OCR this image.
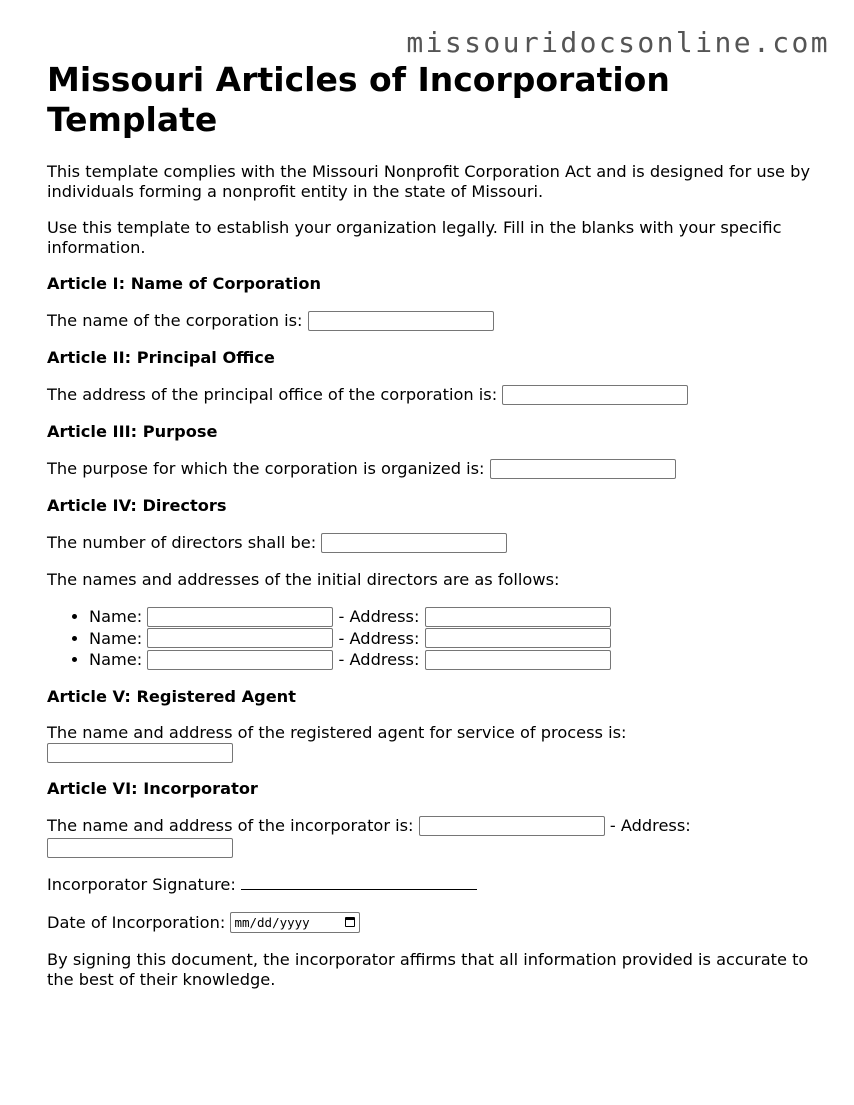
missouridocsonline.com
Missouri Articles of Incorporation Template

This template complies with the Missouri Nonprofit Corporation Act and is designed for use by individuals forming a nonprofit entity in the state of Missouri.

Use this template to establish your organization legally. Fill in the blanks with your specific information.

Article I: Name of Corporation
The name of the corporation is:
Article II: Principal Office
The address of the principal office of the corporation is:
Article III: Purpose
The purpose for which the corporation is organized is:
Article IV: Directors
The number of directors shall be:

The names and addresses of the initial directors are as follows:

• Name:	- Address:
• Name:	- Address:
• Name:	- Address:
Article V: Registered Agent
The name and address of the registered agent for service of process is:
Article VI: Incorporator
The name and address of the incorporator is:	- Address:
Incorporator Signature:
Date of Incorporation: mm/dd/yyyy

By signing this document, the incorporator affirms that all information provided is accurate to the best of their knowledge.
